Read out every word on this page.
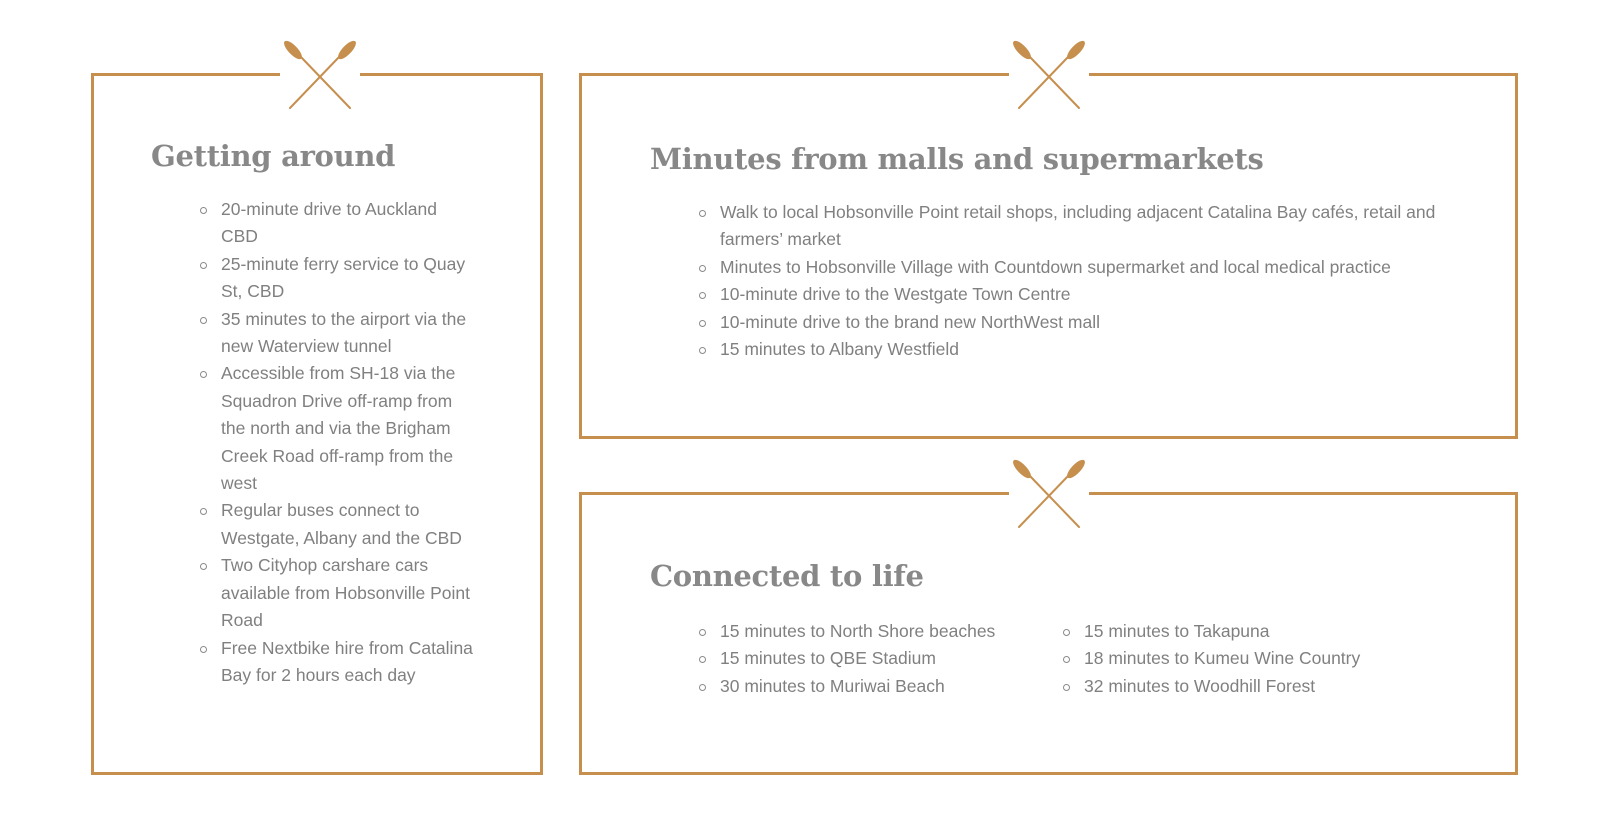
Getting around
20-minute drive to Auckland CBD
25-minute ferry service to Quay St, CBD
35 minutes to the airport via the new Waterview tunnel
Accessible from SH-18 via the Squadron Drive off-ramp from the north and via the Brigham Creek Road off-ramp from the west
Regular buses connect to Westgate, Albany and the CBD
Two Cityhop carshare cars available from Hobsonville Point Road
Free Nextbike hire from Catalina Bay for 2 hours each day
Minutes from malls and supermarkets
Walk to local Hobsonville Point retail shops, including adjacent Catalina Bay cafés, retail and farmers’ market
Minutes to Hobsonville Village with Countdown supermarket and local medical practice
10-minute drive to the Westgate Town Centre
10-minute drive to the brand new NorthWest mall
15 minutes to Albany Westfield
Connected to life
15 minutes to North Shore beaches
15 minutes to QBE Stadium
30 minutes to Muriwai Beach
15 minutes to Takapuna
18 minutes to Kumeu Wine Country
32 minutes to Woodhill Forest
